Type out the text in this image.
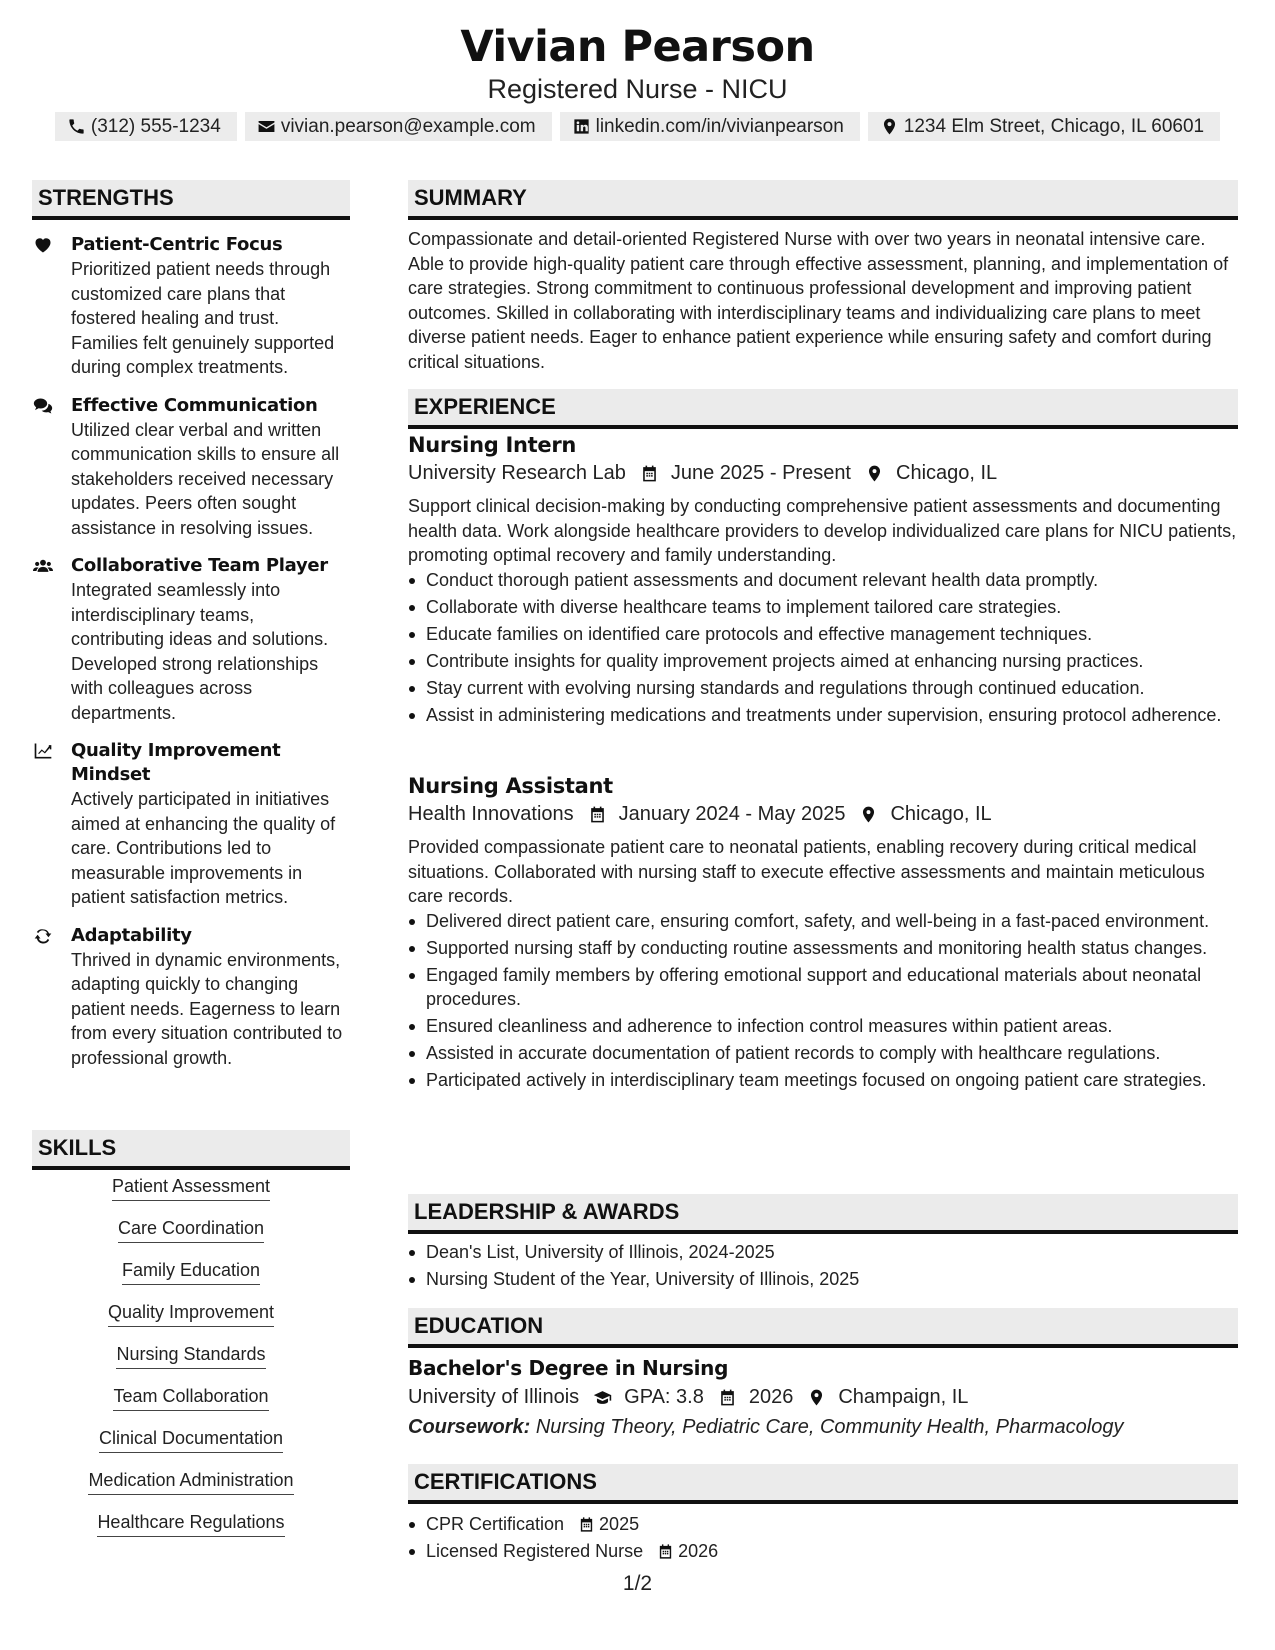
Vivian Pearson
Registered Nurse - NICU
(312) 555-1234	vivian.pearson@example.com	linkedin.com/in/vivianpearson	1234 Elm Street, Chicago, IL 60601
STRENGTHS
Patient-Centric Focus
Prioritized patient needs through customized care plans that fostered healing and trust. Families felt genuinely supported during complex treatments.
Effective Communication
Utilized clear verbal and written communication skills to ensure all stakeholders received necessary updates. Peers often sought assistance in resolving issues.
Collaborative Team Player
Integrated seamlessly into interdisciplinary teams, contributing ideas and solutions. Developed strong relationships with colleagues across departments.
Quality Improvement Mindset
Actively participated in initiatives aimed at enhancing the quality of care. Contributions led to measurable improvements in patient satisfaction metrics.
Adaptability
Thrived in dynamic environments, adapting quickly to changing patient needs. Eagerness to learn from every situation contributed to professional growth.
SKILLS
Patient Assessment
Care Coordination
Family Education
Quality Improvement
Nursing Standards
Team Collaboration
Clinical Documentation
Medication Administration
Healthcare Regulations
SUMMARY
Compassionate and detail-oriented Registered Nurse with over two years in neonatal intensive care. Able to provide high-quality patient care through effective assessment, planning, and implementation of care strategies. Strong commitment to continuous professional development and improving patient outcomes. Skilled in collaborating with interdisciplinary teams and individualizing care plans to meet diverse patient needs. Eager to enhance patient experience while ensuring safety and comfort during critical situations.
EXPERIENCE
Nursing Intern
University Research Lab June 2025 - Present Chicago, IL
Support clinical decision-making by conducting comprehensive patient assessments and documenting health data. Work alongside healthcare providers to develop individualized care plans for NICU patients, promoting optimal recovery and family understanding.
Conduct thorough patient assessments and document relevant health data promptly.
Collaborate with diverse healthcare teams to implement tailored care strategies.
Educate families on identified care protocols and effective management techniques.
Contribute insights for quality improvement projects aimed at enhancing nursing practices.
Stay current with evolving nursing standards and regulations through continued education.
Assist in administering medications and treatments under supervision, ensuring protocol adherence.
Nursing Assistant
Health Innovations January 2024 - May 2025 Chicago, IL
Provided compassionate patient care to neonatal patients, enabling recovery during critical medical situations. Collaborated with nursing staff to execute effective assessments and maintain meticulous care records.
Delivered direct patient care, ensuring comfort, safety, and well-being in a fast-paced environment.
Supported nursing staff by conducting routine assessments and monitoring health status changes.
Engaged family members by offering emotional support and educational materials about neonatal procedures.
Ensured cleanliness and adherence to infection control measures within patient areas.
Assisted in accurate documentation of patient records to comply with healthcare regulations.
Participated actively in interdisciplinary team meetings focused on ongoing patient care strategies.
LEADERSHIP & AWARDS
Dean's List, University of Illinois, 2024-2025
Nursing Student of the Year, University of Illinois, 2025
EDUCATION
Bachelor's Degree in Nursing
University of Illinois GPA: 3.8 2026 Champaign, IL
Coursework: Nursing Theory, Pediatric Care, Community Health, Pharmacology
CERTIFICATIONS
CPR Certification 2025
Licensed Registered Nurse 2026
1/2
